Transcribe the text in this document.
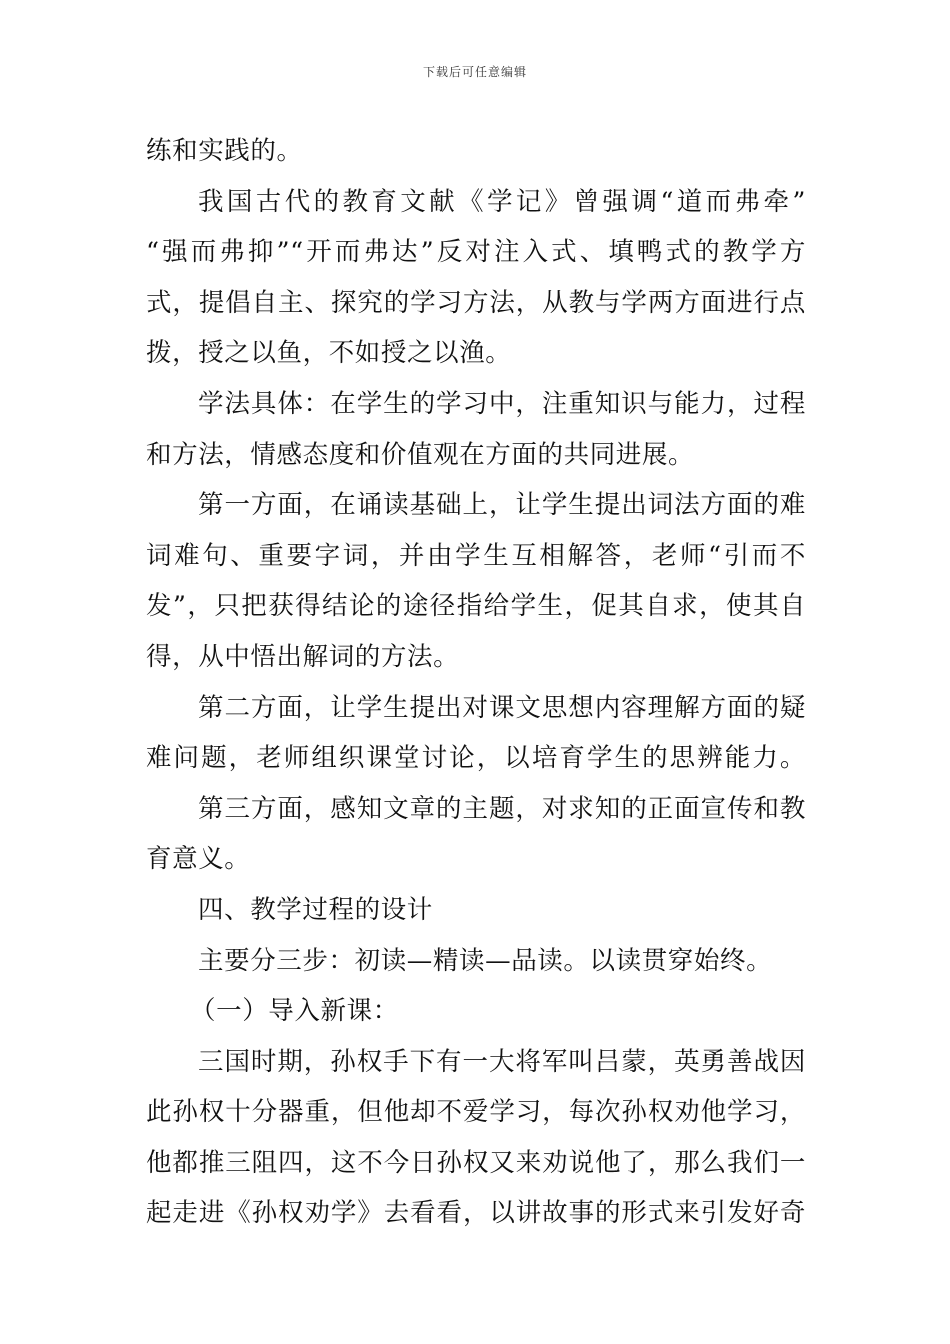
下载后可任意编辑
练和实践的。
我国古代的教育文献《学记》曾强调“道而弗牵”
“强而弗抑”“开而弗达”反对注入式、填鸭式的教学方
式，提倡自主、探究的学习方法，从教与学两方面进行点
拨，授之以鱼，不如授之以渔。
学法具体：在学生的学习中，注重知识与能力，过程
和方法，情感态度和价值观在方面的共同进展。
第一方面，在诵读基础上，让学生提出词法方面的难
词难句、重要字词，并由学生互相解答，老师“引而不
发”，只把获得结论的途径指给学生，促其自求，使其自
得，从中悟出解词的方法。
第二方面，让学生提出对课文思想内容理解方面的疑
难问题，老师组织课堂讨论，以培育学生的思辨能力。
第三方面，感知文章的主题，对求知的正面宣传和教
育意义。
四、教学过程的设计
主要分三步：初读—精读—品读。以读贯穿始终。
（一）导入新课：
三国时期，孙权手下有一大将军叫吕蒙，英勇善战因
此孙权十分器重，但他却不爱学习，每次孙权劝他学习，
他都推三阻四，这不今日孙权又来劝说他了，那么我们一
起走进《孙权劝学》去看看，以讲故事的形式来引发好奇
